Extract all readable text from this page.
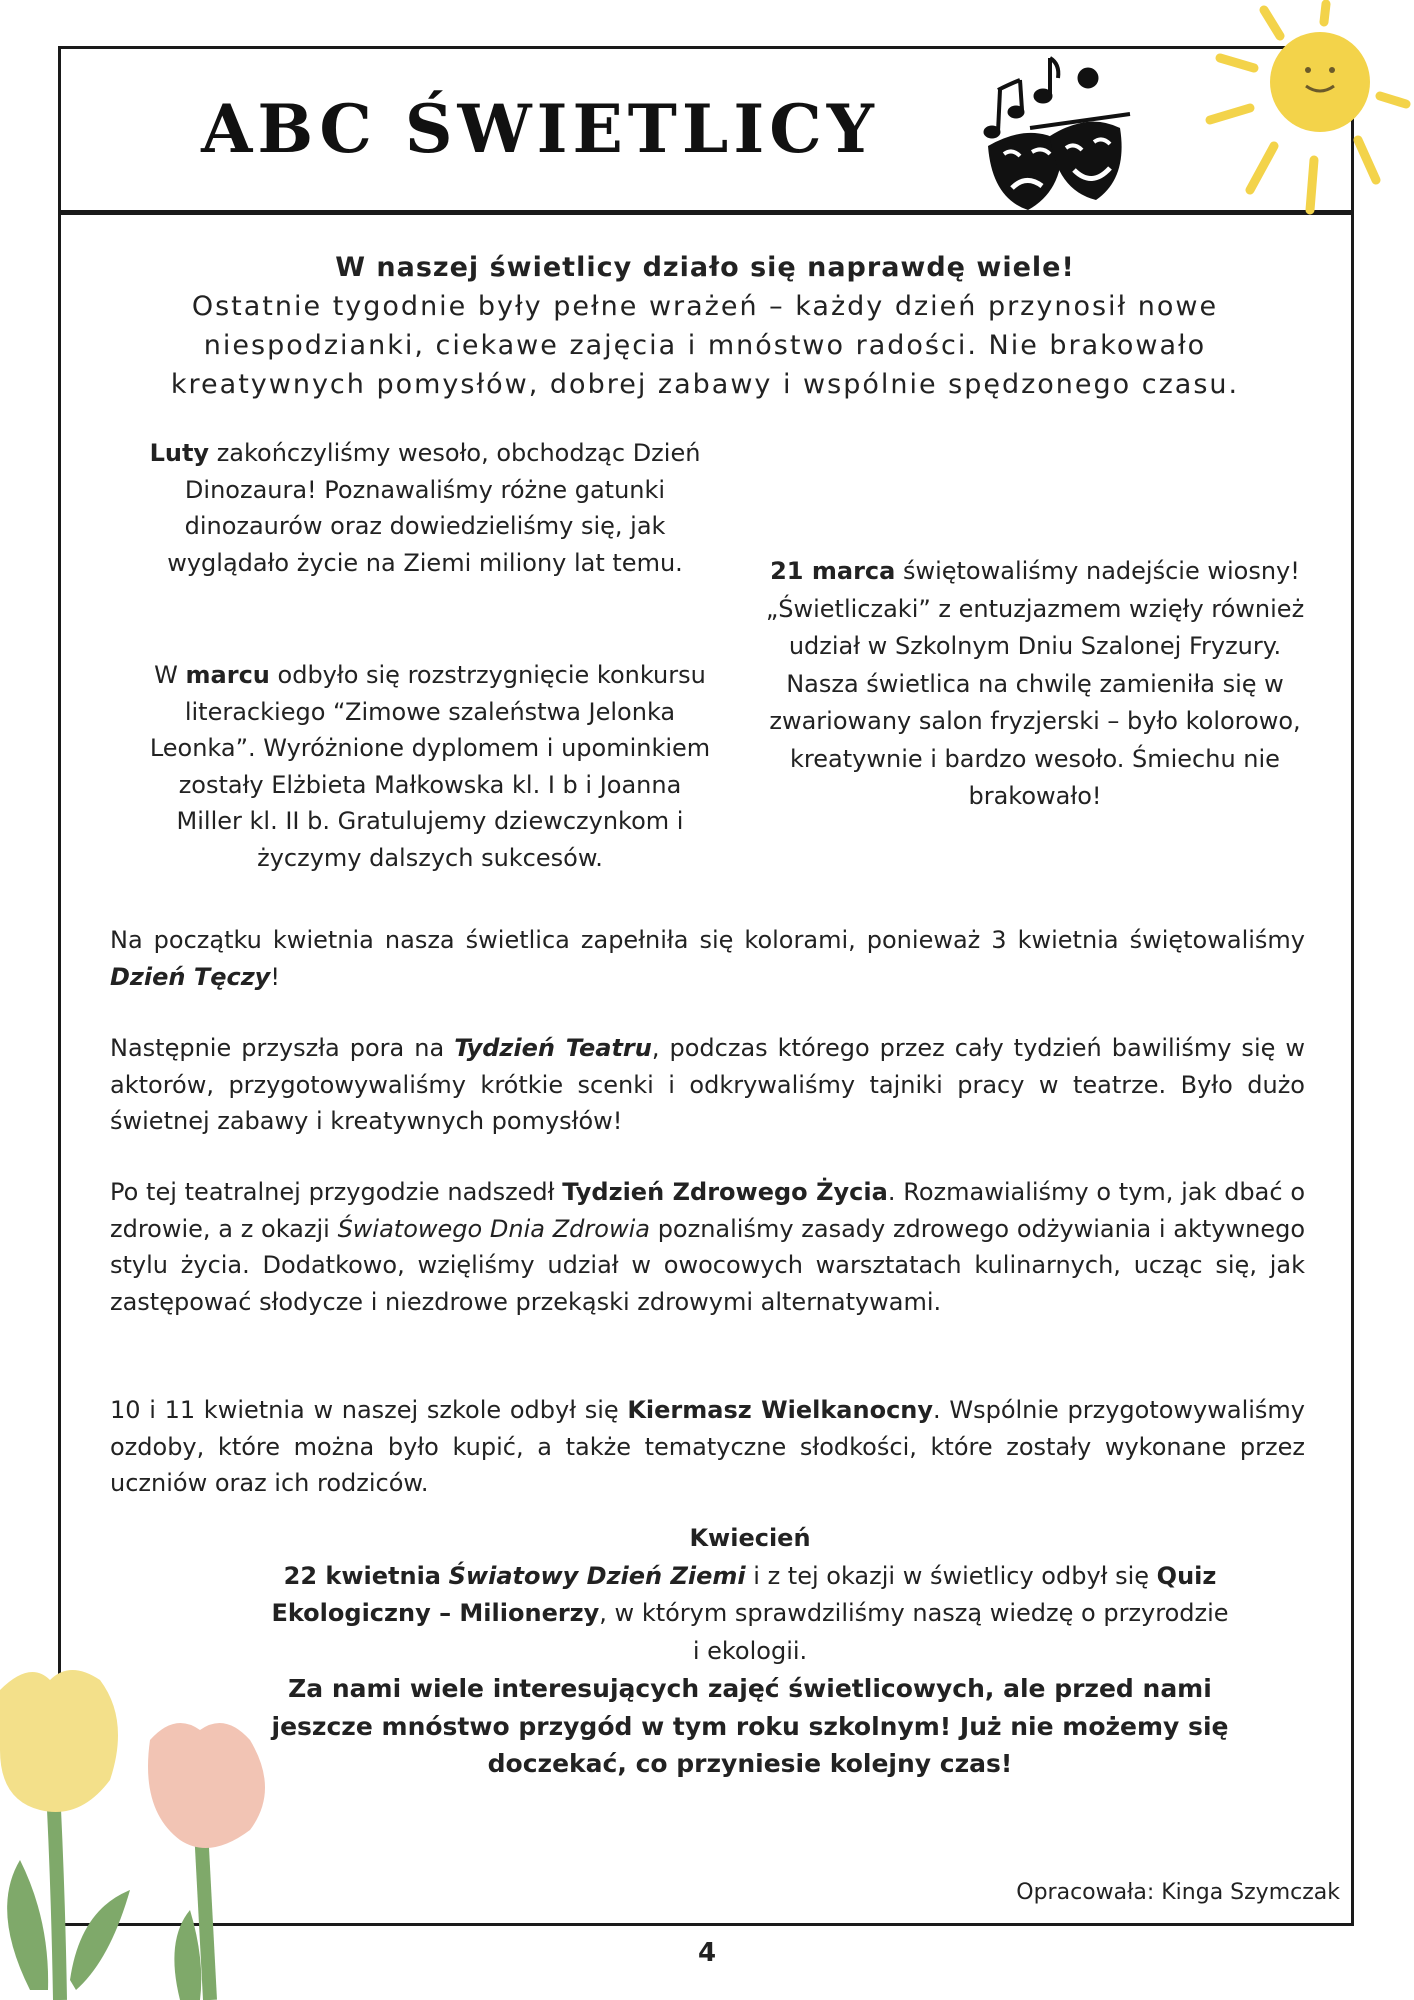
ABC ŚWIETLICY
W naszej świetlicy działo się naprawdę wiele!
Ostatnie tygodnie były pełne wrażeń – każdy dzień przynosił nowe niespodzianki, ciekawe zajęcia i mnóstwo radości. Nie brakowało kreatywnych pomysłów, dobrej zabawy i wspólnie spędzonego czasu.
Luty zakończyliśmy wesoło, obchodząc Dzień Dinozaura! Poznawaliśmy różne gatunki dinozaurów oraz dowiedzieliśmy się, jak wyglądało życie na Ziemi miliony lat temu.
W marcu odbyło się rozstrzygnięcie konkursu literackiego “Zimowe szaleństwa Jelonka Leonka”. Wyróżnione dyplomem i upominkiem zostały Elżbieta Małkowska kl. I b i Joanna Miller kl. II b. Gratulujemy dziewczynkom i życzymy dalszych sukcesów.
21 marca świętowaliśmy nadejście wiosny! „Świetliczaki” z entuzjazmem wzięły również udział w Szkolnym Dniu Szalonej Fryzury. Nasza świetlica na chwilę zamieniła się w zwariowany salon fryzjerski – było kolorowo, kreatywnie i bardzo wesoło. Śmiechu nie brakowało!
Na początku kwietnia nasza świetlica zapełniła się kolorami, ponieważ 3 kwietnia świętowaliśmy Dzień Tęczy!
Następnie przyszła pora na Tydzień Teatru, podczas którego przez cały tydzień bawiliśmy się w aktorów, przygotowywaliśmy krótkie scenki i odkrywaliśmy tajniki pracy w teatrze. Było dużo świetnej zabawy i kreatywnych pomysłów!
Po tej teatralnej przygodzie nadszedł Tydzień Zdrowego Życia. Rozmawialiśmy o tym, jak dbać o zdrowie, a z okazji Światowego Dnia Zdrowia poznaliśmy zasady zdrowego odżywiania i aktywnego stylu życia. Dodatkowo, wzięliśmy udział w owocowych warsztatach kulinarnych, ucząc się, jak zastępować słodycze i niezdrowe przekąski zdrowymi alternatywami.
10 i 11 kwietnia w naszej szkole odbył się Kiermasz Wielkanocny. Wspólnie przygotowywaliśmy ozdoby, które można było kupić, a także tematyczne słodkości, które zostały wykonane przez uczniów oraz ich rodziców.
Kwiecień
22 kwietnia Światowy Dzień Ziemi i z tej okazji w świetlicy odbył się Quiz Ekologiczny – Milionerzy, w którym sprawdziliśmy naszą wiedzę o przyrodzie i ekologii.
Za nami wiele interesujących zajęć świetlicowych, ale przed nami jeszcze mnóstwo przygód w tym roku szkolnym! Już nie możemy się doczekać, co przyniesie kolejny czas!
Opracowała: Kinga Szymczak
4
